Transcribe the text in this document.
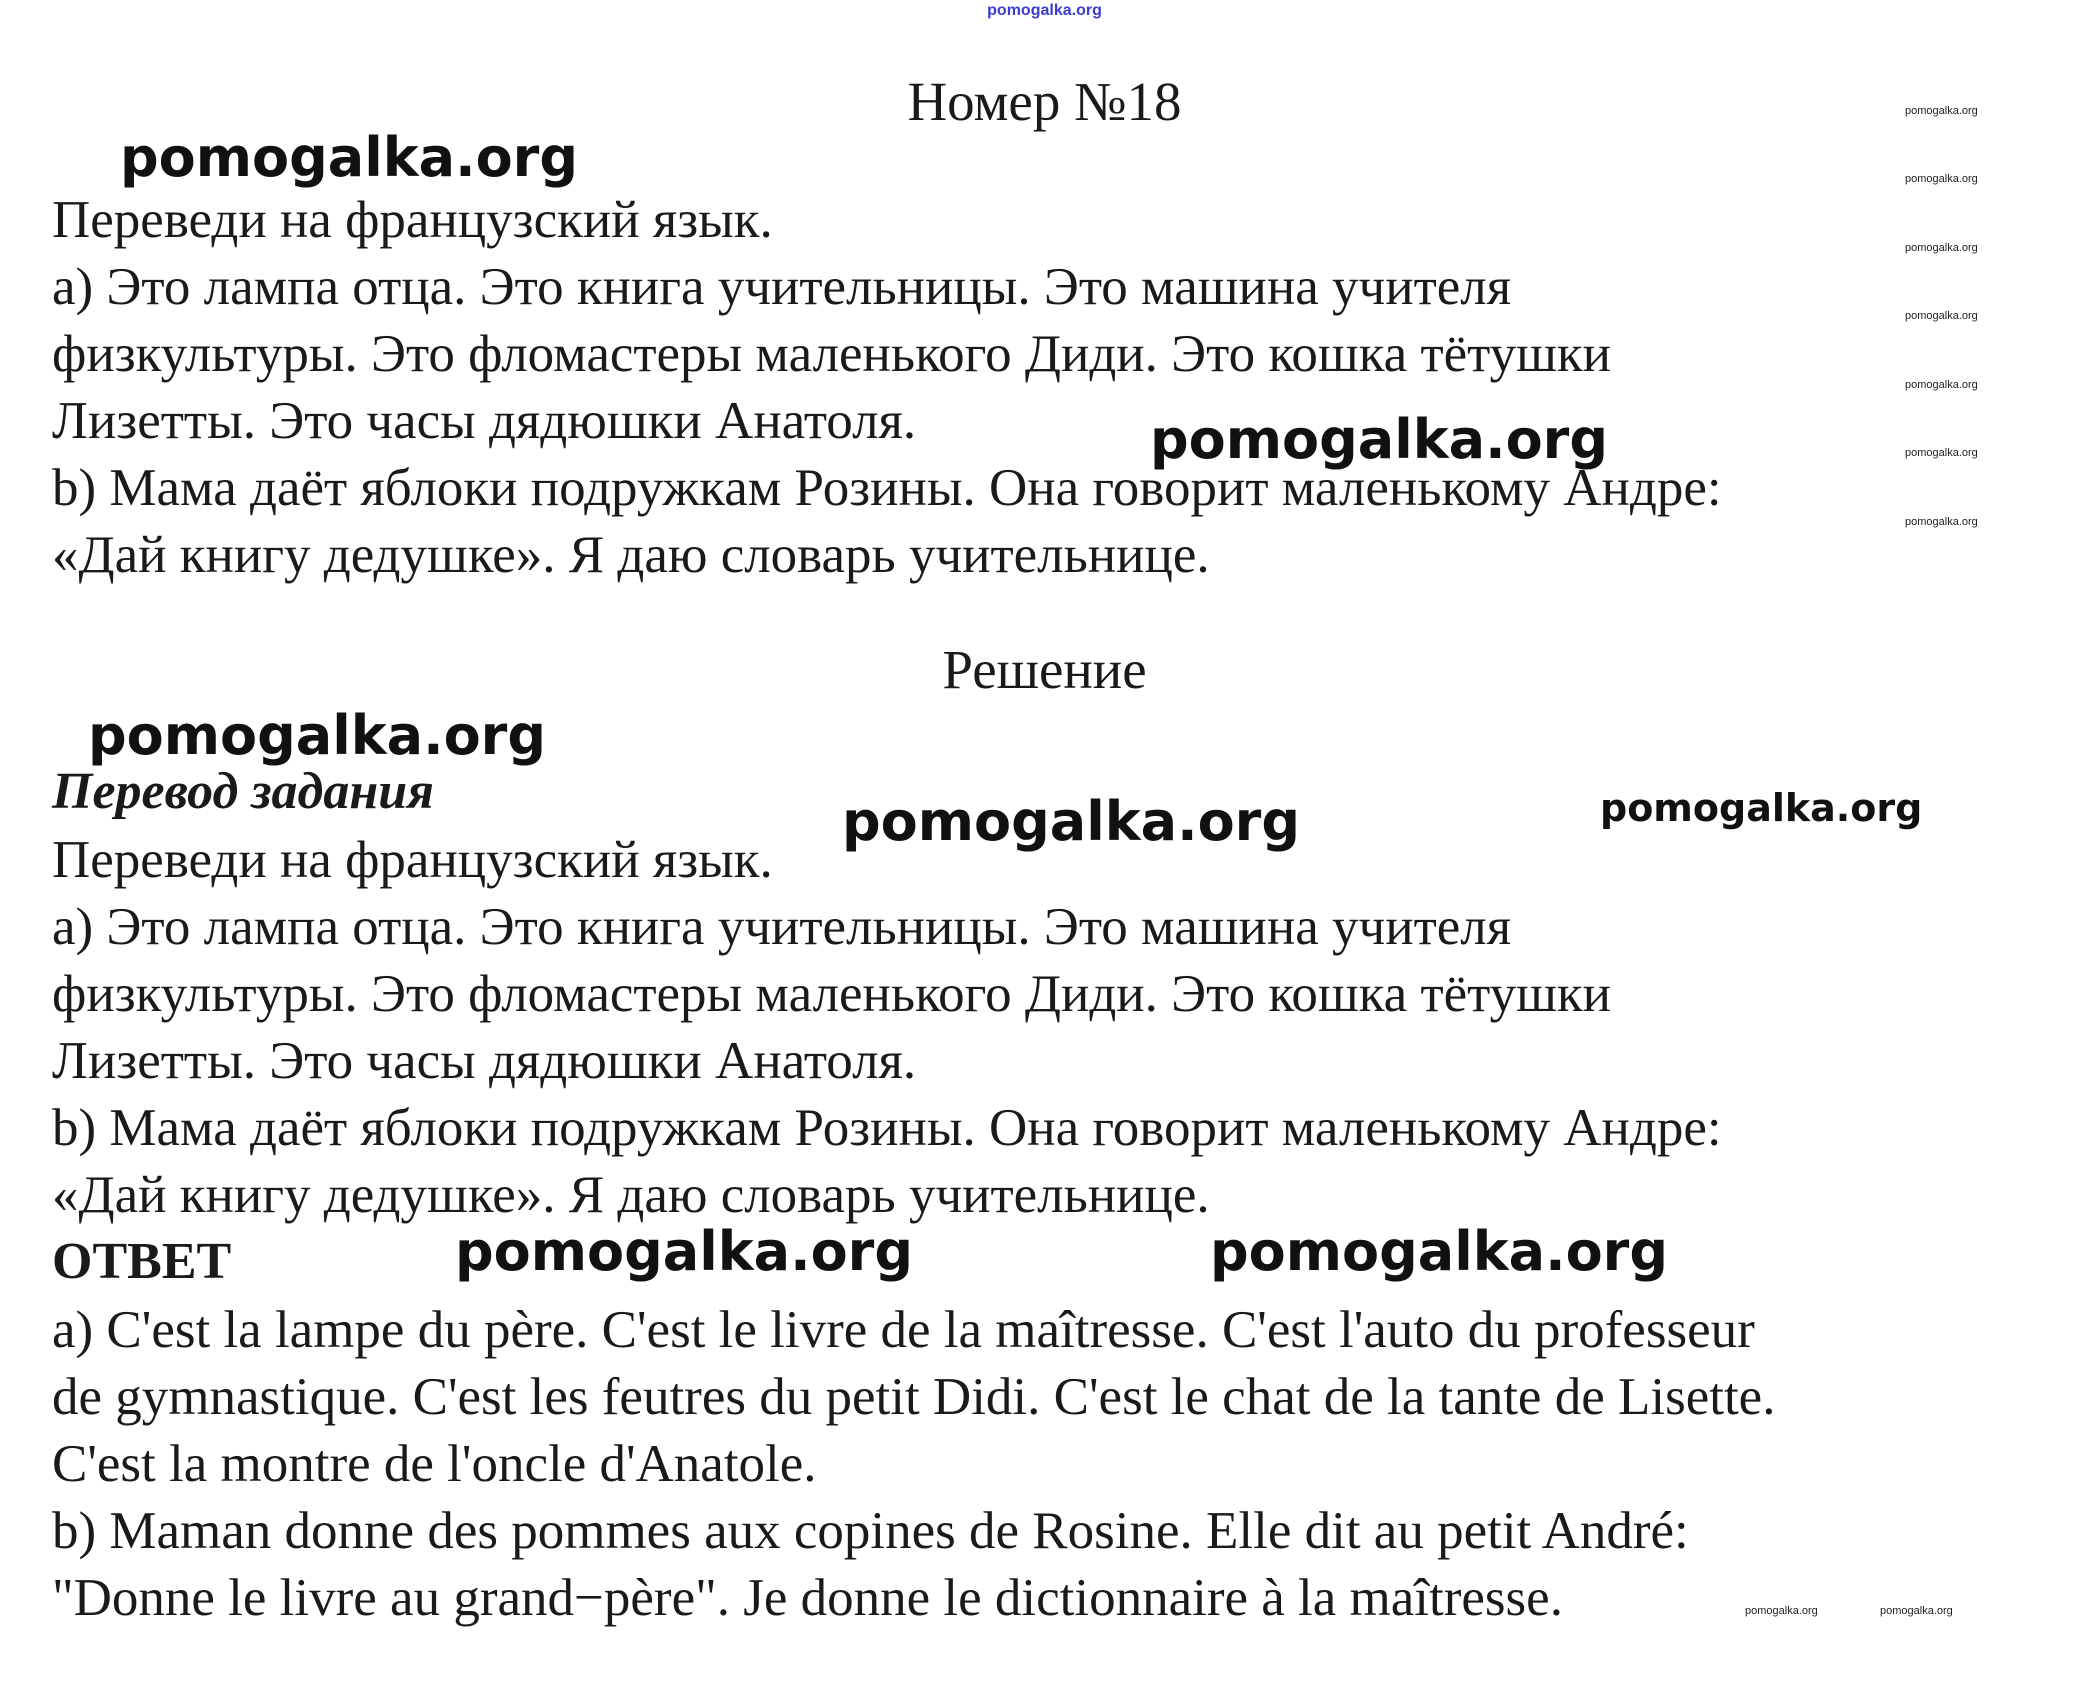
pomogalka.org
Номер №18
Переведи на французский язык.
a) Это лампа отца. Это книга учительницы. Это машина учителя
физкультуры. Это фломастеры маленького Диди. Это кошка тётушки
Лизетты. Это часы дядюшки Анатоля.
b) Мама даёт яблоки подружкам Розины. Она говорит маленькому Андре:
«Дай книгу дедушке». Я даю словарь учительнице.
Решение
Перевод задания
Переведи на французский язык.
a) Это лампа отца. Это книга учительницы. Это машина учителя
физкультуры. Это фломастеры маленького Диди. Это кошка тётушки
Лизетты. Это часы дядюшки Анатоля.
b) Мама даёт яблоки подружкам Розины. Она говорит маленькому Андре:
«Дай книгу дедушке». Я даю словарь учительнице.
ОТВЕТ
a) C'est la lampe du père. C'est le livre de la maîtresse. C'est l'auto du professeur
de gymnastique. C'est les feutres du petit Didi. C'est le chat de la tante de Lisette.
C'est la montre de l'oncle d'Anatole.
b) Maman donne des pommes aux copines de Rosine. Elle dit au petit André:
"Donne le livre au grand−père". Je donne le dictionnaire à la maîtresse.
pomogalka.org
pomogalka.org
pomogalka.org
pomogalka.org	pomogalka.org
pomogalka.org	pomogalka.org
pomogalka.org
pomogalka.org
pomogalka.org
pomogalka.org
pomogalka.org
pomogalka.org
pomogalka.org
pomogalka.org	pomogalka.org
